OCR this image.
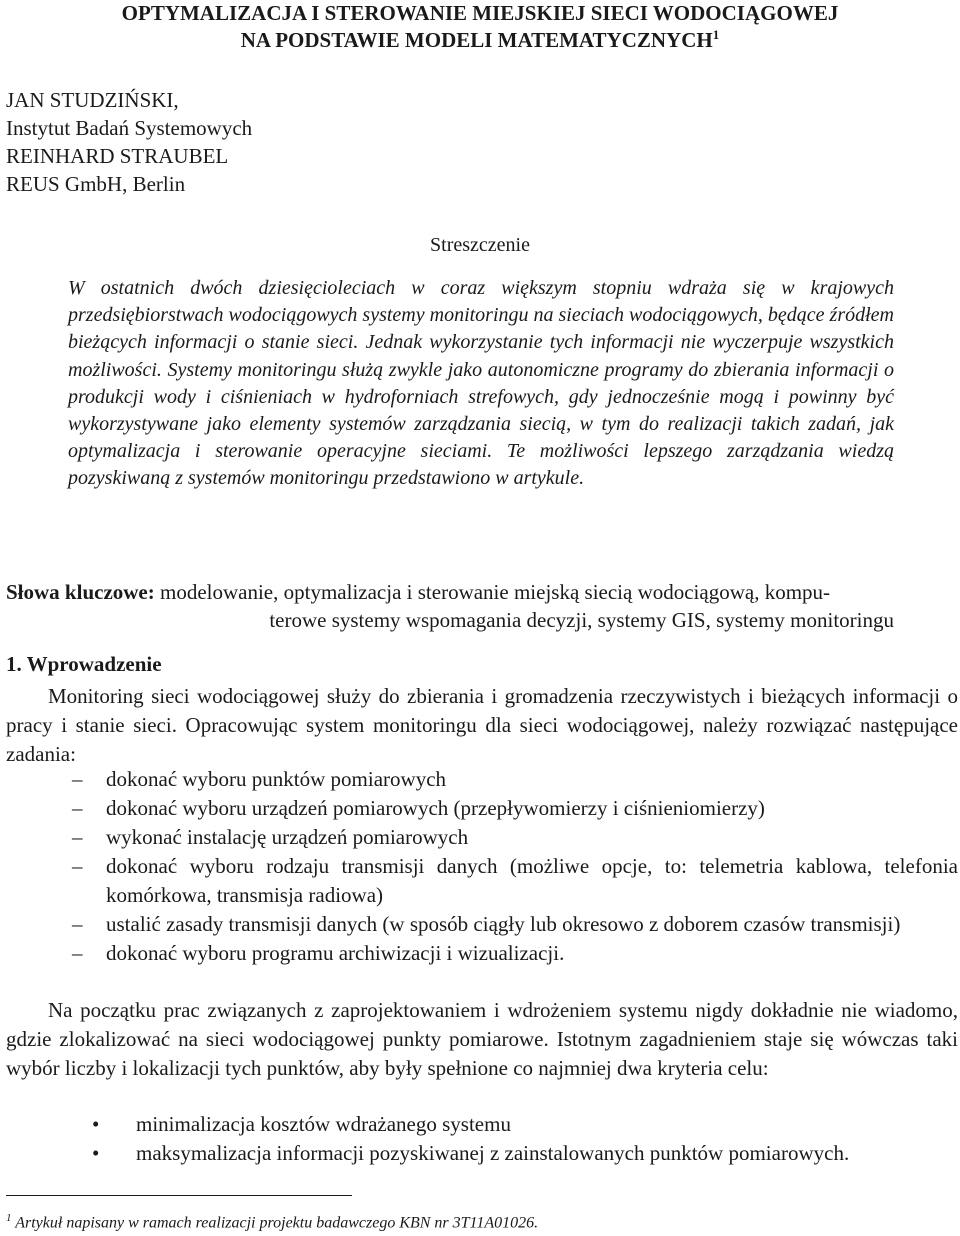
OPTYMALIZACJA I STEROWANIE MIEJSKIEJ SIECI WODOCIĄGOWEJ
NA PODSTAWIE MODELI MATEMATYCZNYCH$^1$
JAN STUDZIŃSKI,
Instytut Badań Systemowych
REINHARD STRAUBEL
REUS GmbH, Berlin
Streszczenie
W ostatnich dwóch dziesięcioleciach w coraz większym stopniu wdraża się w krajowych przedsiębiorstwach wodociągowych systemy monitoringu na sieciach wodociągowych, będące źródłem bieżących informacji o stanie sieci. Jednak wykorzystanie tych informacji nie wyczerpuje wszystkich możliwości. Systemy monitoringu służą zwykle jako autonomiczne programy do zbierania informacji o produkcji wody i ciśnieniach w hydroforniach strefowych, gdy jednocześnie mogą i powinny być wykorzystywane jako elementy systemów zarządzania siecią, w tym do realizacji takich zadań, jak optymalizacja i sterowanie operacyjne sieciami. Te możliwości lepszego zarządzania wiedzą pozyskiwaną z systemów monitoringu przedstawiono w artykule.
Słowa kluczowe: modelowanie, optymalizacja i sterowanie miejską siecią wodociągową, kompu-
terowe systemy wspomagania decyzji, systemy GIS, systemy monitoringu
1. Wprowadzenie
Monitoring sieci wodociągowej służy do zbierania i gromadzenia rzeczywistych i bieżących informacji o pracy i stanie sieci. Opracowując system monitoringu dla sieci wodociągowej, należy rozwiązać następujące zadania:
– dokonać wyboru punktów pomiarowych
– dokonać wyboru urządzeń pomiarowych (przepływomierzy i ciśnieniomierzy)
– wykonać instalację urządzeń pomiarowych
– dokonać wyboru rodzaju transmisji danych (możliwe opcje, to: telemetria kablowa, telefonia komórkowa, transmisja radiowa)
– ustalić zasady transmisji danych (w sposób ciągły lub okresowo z doborem czasów transmisji)
– dokonać wyboru programu archiwizacji i wizualizacji.
Na początku prac związanych z zaprojektowaniem i wdrożeniem systemu nigdy dokładnie nie wiadomo, gdzie zlokalizować na sieci wodociągowej punkty pomiarowe. Istotnym zagadnieniem staje się wówczas taki wybór liczby i lokalizacji tych punktów, aby były spełnione co najmniej dwa kryteria celu:
• minimalizacja kosztów wdrażanego systemu
• maksymalizacja informacji pozyskiwanej z zainstalowanych punktów pomiarowych.
$^1$ Artykuł napisany w ramach realizacji projektu badawczego KBN nr 3T11A01026.
